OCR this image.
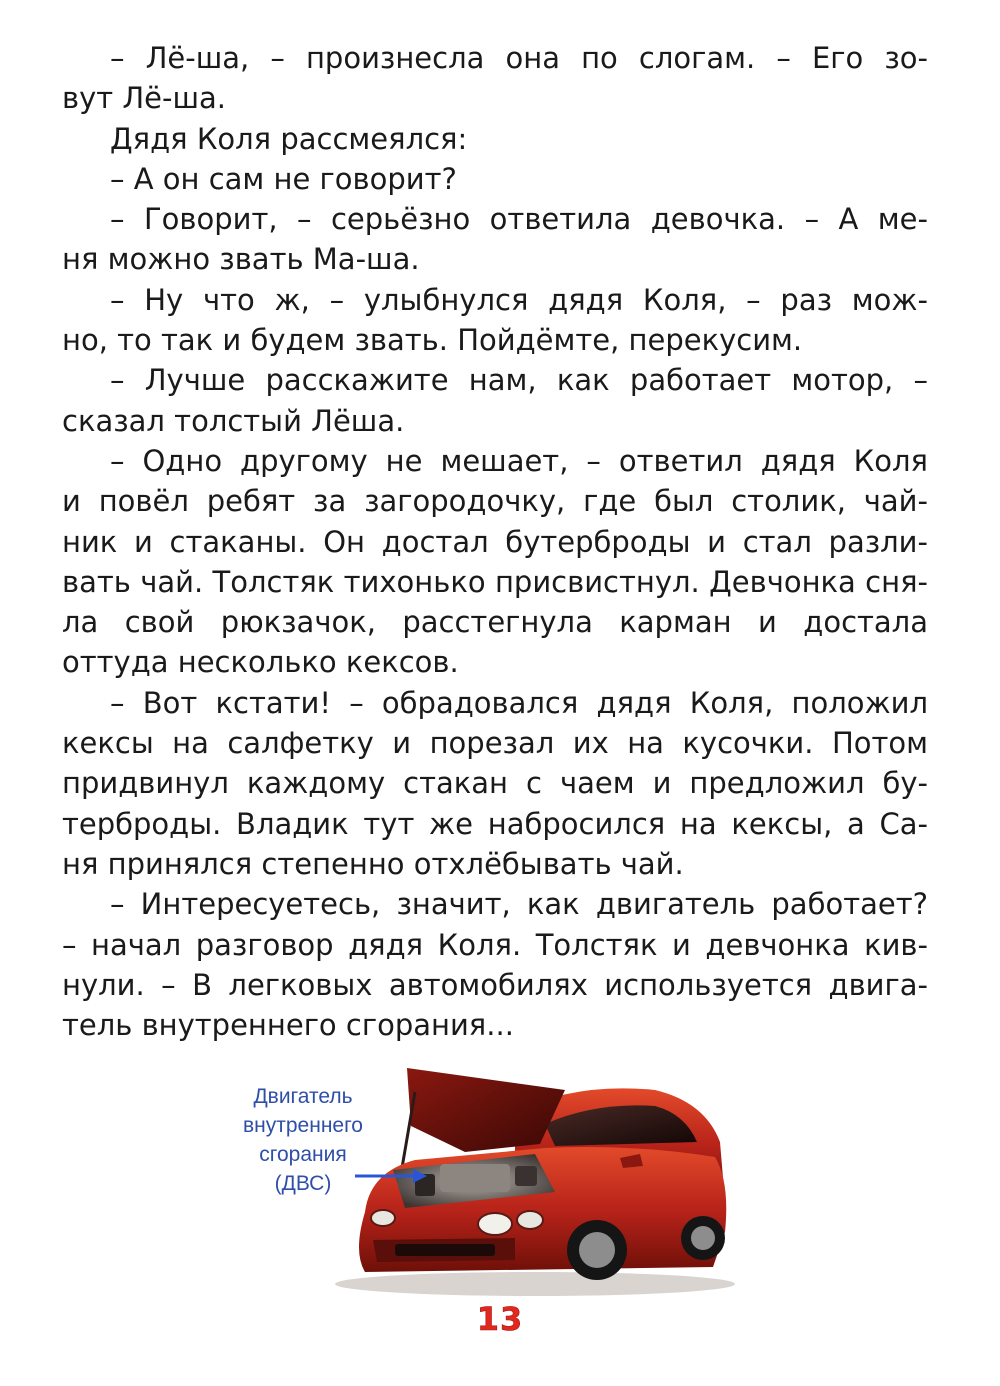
– Лё-ша, – произнесла она по слогам. – Его зо-
вут Лё-ша.
Дядя Коля рассмеялся:
– А он сам не говорит?
– Говорит, – серьёзно ответила девочка. – А ме-
ня можно звать Ма-ша.
– Ну что ж, – улыбнулся дядя Коля, – раз мож-
но, то так и будем звать. Пойдёмте, перекусим.
– Лучше расскажите нам, как работает мотор, –
сказал толстый Лёша.
– Одно другому не мешает, – ответил дядя Коля
и повёл ребят за загородочку, где был столик, чай-
ник и стаканы. Он достал бутерброды и стал разли-
вать чай. Толстяк тихонько присвистнул. Девчонка сня-
ла свой рюкзачок, расстегнула карман и достала
оттуда несколько кексов.
– Вот кстати! – обрадовался дядя Коля, положил
кексы на салфетку и порезал их на кусочки. Потом
придвинул каждому стакан с чаем и предложил бу-
терброды. Владик тут же набросился на кексы, а Са-
ня принялся степенно отхлёбывать чай.
– Интересуетесь, значит, как двигатель работает?
– начал разговор дядя Коля. Толстяк и девчонка кив-
нули. – В легковых автомобилях используется двига-
тель внутреннего сгорания...
Двигатель
внутреннего
сгорания
(ДВС)
13
